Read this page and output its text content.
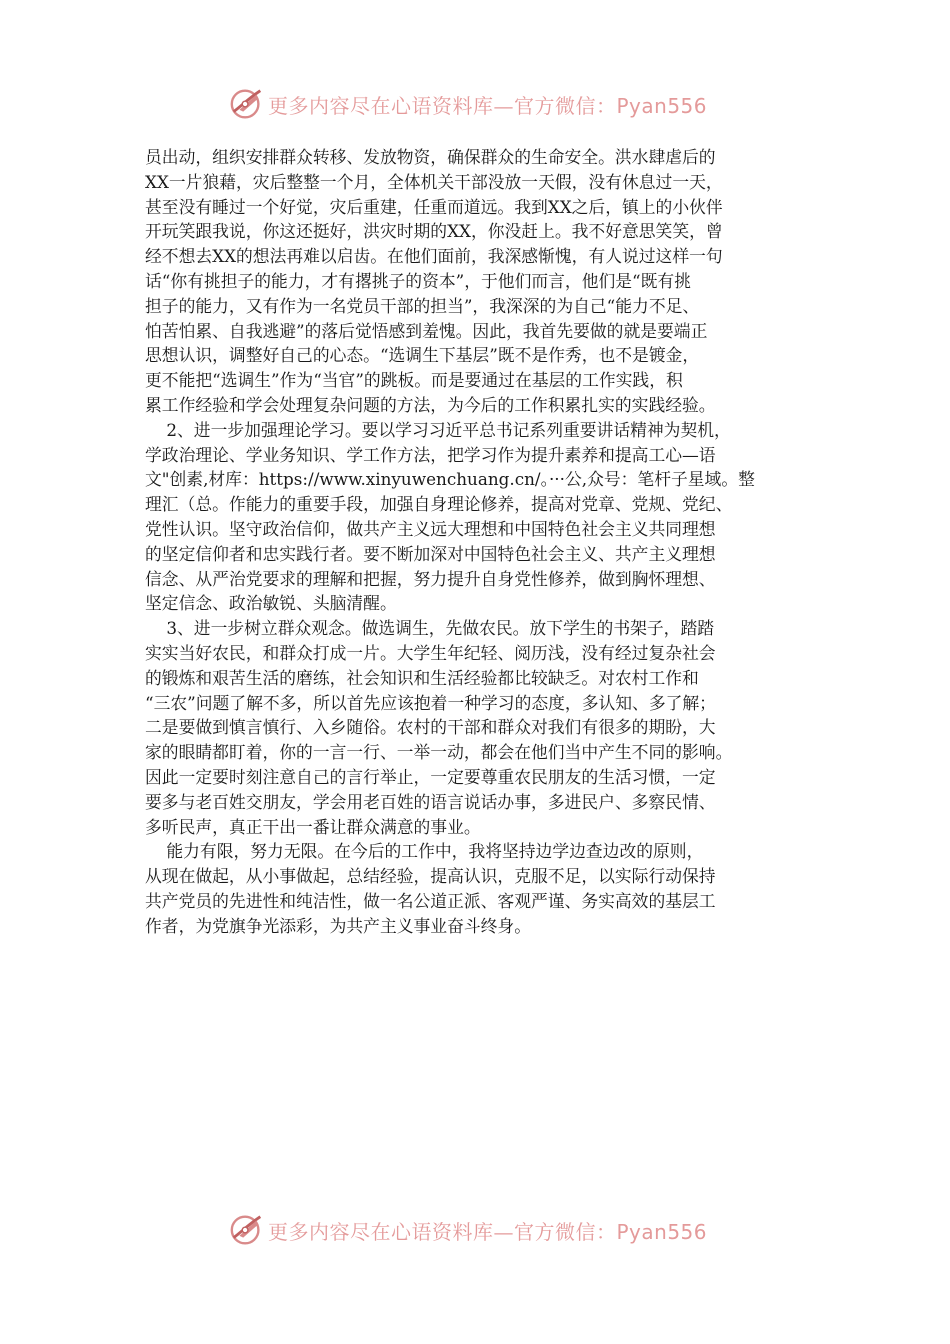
更多内容尽在心语资料库—官方微信：Pyan556

员出动，组织安排群众转移、发放物资，确保群众的生命安全。洪水肆虐后的
XX一片狼藉，灾后整整一个月，全体机关干部没放一天假，没有休息过一天，
甚至没有睡过一个好觉，灾后重建，任重而道远。我到XX之后，镇上的小伙伴
开玩笑跟我说，你这还挺好，洪灾时期的XX，你没赶上。我不好意思笑笑，曾
经不想去XX的想法再难以启齿。在他们面前，我深感惭愧，有人说过这样一句
话“你有挑担子的能力，才有撂挑子的资本”，于他们而言，他们是“既有挑
担子的能力，又有作为一名党员干部的担当”，我深深的为自己“能力不足、
怕苦怕累、自我逃避”的落后觉悟感到羞愧。因此，我首先要做的就是要端正
思想认识，调整好自己的心态。“选调生下基层”既不是作秀，也不是镀金，
更不能把“选调生”作为“当官”的跳板。而是要通过在基层的工作实践，积
累工作经验和学会处理复杂问题的方法，为今后的工作积累扎实的实践经验。

2、进一步加强理论学习。要以学习习近平总书记系列重要讲话精神为契机，
学政治理论、学业务知识、学工作方法，把学习作为提升素养和提高工心—语
文"创素,材库：https://www.xinyuwenchuang.cn/。···公,众号：笔杆子星域。整
理汇（总。作能力的重要手段，加强自身理论修养，提高对党章、党规、党纪、
党性认识。坚守政治信仰，做共产主义远大理想和中国特色社会主义共同理想
的坚定信仰者和忠实践行者。要不断加深对中国特色社会主义、共产主义理想
信念、从严治党要求的理解和把握，努力提升自身党性修养，做到胸怀理想、
坚定信念、政治敏锐、头脑清醒。

3、进一步树立群众观念。做选调生，先做农民。放下学生的书架子，踏踏
实实当好农民，和群众打成一片。大学生年纪轻、阅历浅，没有经过复杂社会
的锻炼和艰苦生活的磨练，社会知识和生活经验都比较缺乏。对农村工作和
“三农”问题了解不多，所以首先应该抱着一种学习的态度，多认知、多了解；
二是要做到慎言慎行、入乡随俗。农村的干部和群众对我们有很多的期盼，大
家的眼睛都盯着，你的一言一行、一举一动，都会在他们当中产生不同的影响。
因此一定要时刻注意自己的言行举止，一定要尊重农民朋友的生活习惯，一定
要多与老百姓交朋友，学会用老百姓的语言说话办事，多进民户、多察民情、
多听民声，真正干出一番让群众满意的事业。

能力有限，努力无限。在今后的工作中，我将坚持边学边查边改的原则，
从现在做起，从小事做起，总结经验，提高认识，克服不足，以实际行动保持
共产党员的先进性和纯洁性，做一名公道正派、客观严谨、务实高效的基层工
作者，为党旗争光添彩，为共产主义事业奋斗终身。

更多内容尽在心语资料库—官方微信：Pyan556
